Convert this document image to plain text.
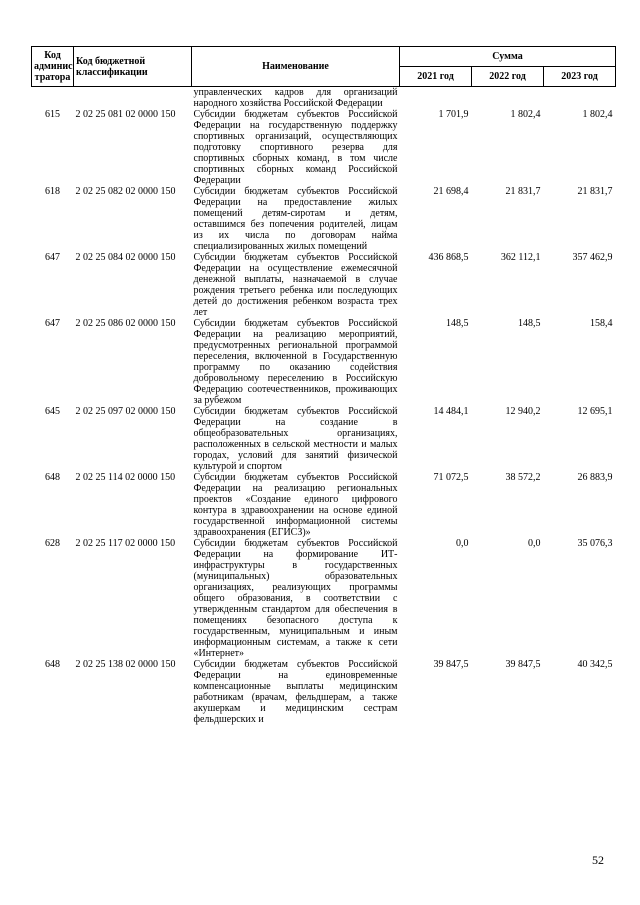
Код админис тратора	Код бюджетной классификации	Наименование	Сумма		
			2021 год	2022 год	2023 год
		управленческих кадров для организаций народного хозяйства Российской Федерации			
615	2 02 25 081 02 0000 150	Субсидии бюджетам субъектов Российской Федерации на государственную поддержку спортивных организаций, осуществляющих подготовку спортивного резерва для спортивных сборных команд, в том числе спортивных сборных команд Российской Федерации	1 701,9	1 802,4	1 802,4
618	2 02 25 082 02 0000 150	Субсидии бюджетам субъектов Российской Федерации на предоставление жилых помещений детям-сиротам и детям, оставшимся без попечения родителей, лицам из их числа по договорам найма специализированных жилых помещений	21 698,4	21 831,7	21 831,7
647	2 02 25 084 02 0000 150	Субсидии бюджетам субъектов Российской Федерации на осуществление ежемесячной денежной выплаты, назначаемой в случае рождения третьего ребенка или последующих детей до достижения ребенком возраста трех лет	436 868,5	362 112,1	357 462,9
647	2 02 25 086 02 0000 150	Субсидии бюджетам субъектов Российской Федерации на реализацию мероприятий, предусмотренных региональной программой переселения, включенной в Государственную программу по оказанию содействия добровольному переселению в Российскую Федерацию соотечественников, проживающих за рубежом	148,5	148,5	158,4
645	2 02 25 097 02 0000 150	Субсидии бюджетам субъектов Российской Федерации на создание в общеобразовательных организациях, расположенных в сельской местности и малых городах, условий для занятий физической культурой и спортом	14 484,1	12 940,2	12 695,1
648	2 02 25 114 02 0000 150	Субсидии бюджетам субъектов Российской Федерации на реализацию региональных проектов «Создание единого цифрового контура в здравоохранении на основе единой государственной информационной системы здравоохранения (ЕГИСЗ)»	71 072,5	38 572,2	26 883,9
628	2 02 25 117 02 0000 150	Субсидии бюджетам субъектов Российской Федерации на формирование ИТ-инфраструктуры в государственных (муниципальных) образовательных организациях, реализующих программы общего образования, в соответствии с утвержденным стандартом для обеспечения в помещениях безопасного доступа к государственным, муниципальным и иным информационным системам, а также к сети «Интернет»	0,0	0,0	35 076,3
648	2 02 25 138 02 0000 150	Субсидии бюджетам субъектов Российской Федерации на единовременные компенсационные выплаты медицинским работникам (врачам, фельдшерам, а также акушеркам и медицинским сестрам фельдшерских и	39 847,5	39 847,5	40 342,5
52
